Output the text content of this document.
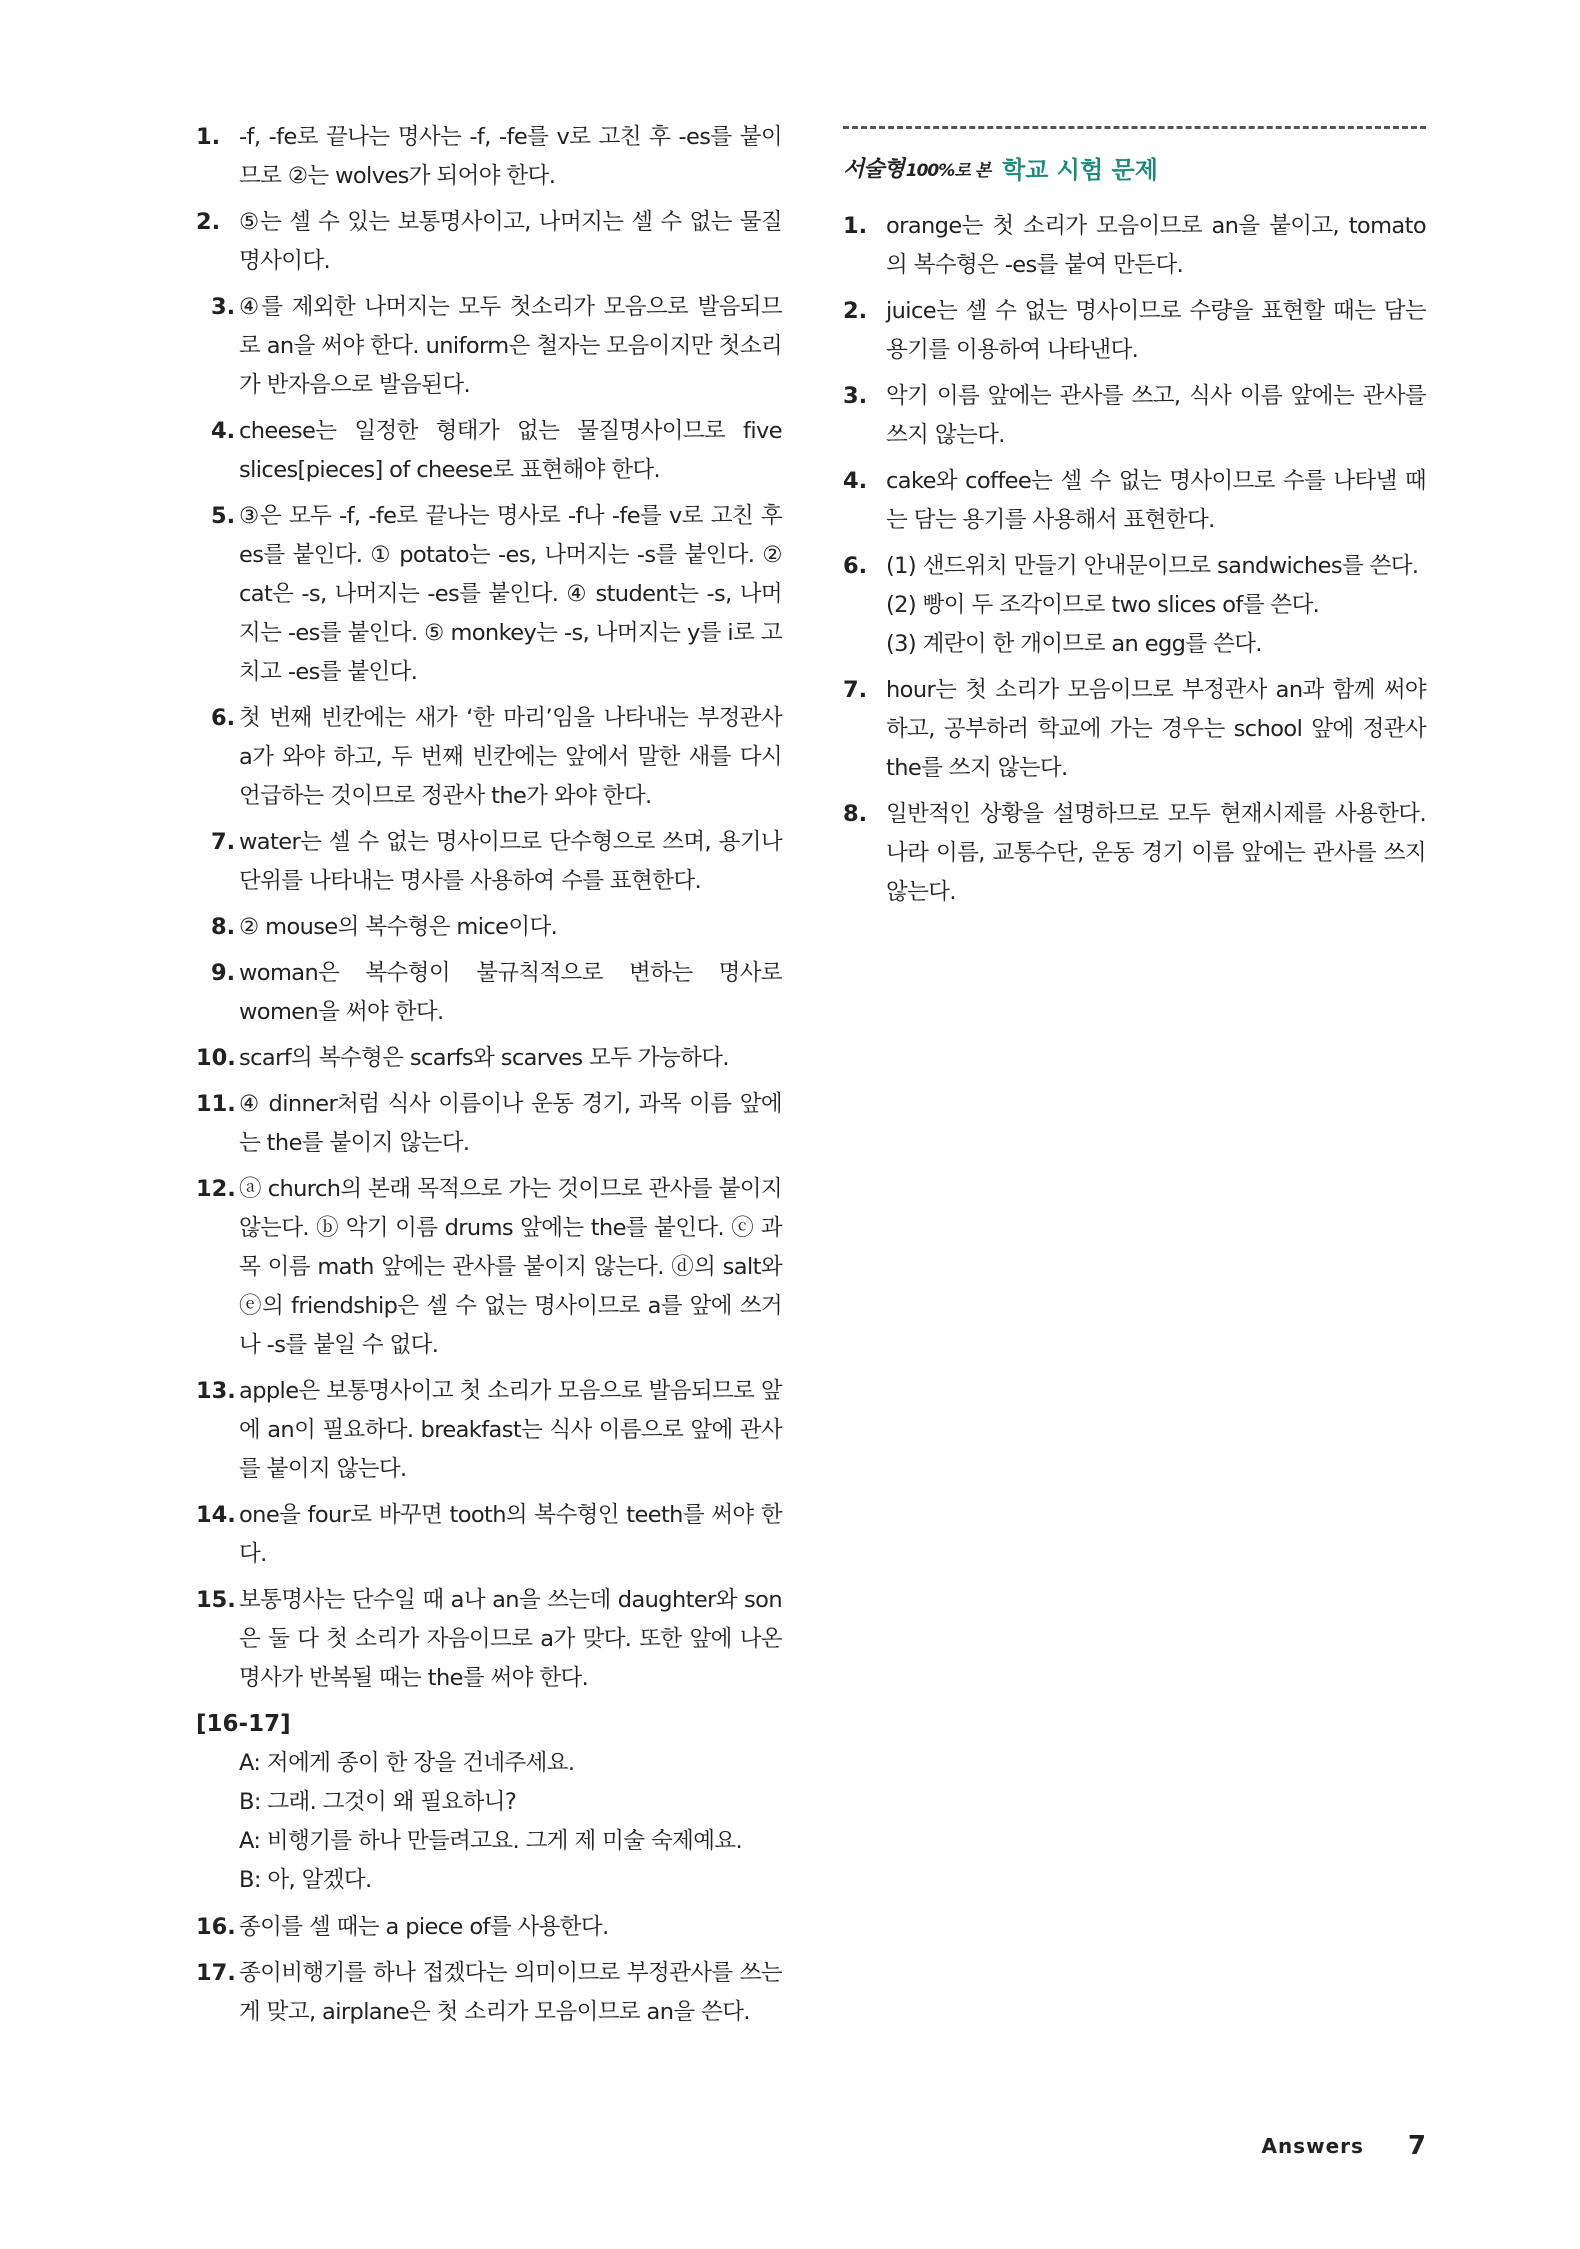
1. -f, -fe로 끝나는 명사는 -f, -fe를 v로 고친 후 -es를 붙이므로 ②는 wolves가 되어야 한다.
2. ⑤는 셀 수 있는 보통명사이고, 나머지는 셀 수 없는 물질명사이다.
3. ④를 제외한 나머지는 모두 첫소리가 모음으로 발음되므로 an을 써야 한다. uniform은 철자는 모음이지만 첫소리가 반자음으로 발음된다.
4. cheese는 일정한 형태가 없는 물질명사이므로 five slices[pieces] of cheese로 표현해야 한다.
5. ③은 모두 -f, -fe로 끝나는 명사로 -f나 -fe를 v로 고친 후 es를 붙인다. ① potato는 -es, 나머지는 -s를 붙인다. ② cat은 -s, 나머지는 -es를 붙인다. ④ student는 -s, 나머지는 -es를 붙인다. ⑤ monkey는 -s, 나머지는 y를 i로 고치고 -es를 붙인다.
6. 첫 번째 빈칸에는 새가 ‘한 마리’임을 나타내는 부정관사 a가 와야 하고, 두 번째 빈칸에는 앞에서 말한 새를 다시 언급하는 것이므로 정관사 the가 와야 한다.
7. water는 셀 수 없는 명사이므로 단수형으로 쓰며, 용기나 단위를 나타내는 명사를 사용하여 수를 표현한다.
8. ② mouse의 복수형은 mice이다.
9. woman은 복수형이 불규칙적으로 변하는 명사로 women을 써야 한다.
10. scarf의 복수형은 scarfs와 scarves 모두 가능하다.
11. ④ dinner처럼 식사 이름이나 운동 경기, 과목 이름 앞에는 the를 붙이지 않는다.
12. ⓐ church의 본래 목적으로 가는 것이므로 관사를 붙이지 않는다. ⓑ 악기 이름 drums 앞에는 the를 붙인다. ⓒ 과목 이름 math 앞에는 관사를 붙이지 않는다. ⓓ의 salt와 ⓔ의 friendship은 셀 수 없는 명사이므로 a를 앞에 쓰거나 -s를 붙일 수 없다.
13. apple은 보통명사이고 첫 소리가 모음으로 발음되므로 앞에 an이 필요하다. breakfast는 식사 이름으로 앞에 관사를 붙이지 않는다.
14. one을 four로 바꾸면 tooth의 복수형인 teeth를 써야 한다.
15. 보통명사는 단수일 때 a나 an을 쓰는데 daughter와 son은 둘 다 첫 소리가 자음이므로 a가 맞다. 또한 앞에 나온 명사가 반복될 때는 the를 써야 한다.
[16-17]
A: 저에게 종이 한 장을 건네주세요.
B: 그래. 그것이 왜 필요하니?
A: 비행기를 하나 만들려고요. 그게 제 미술 숙제예요.
B: 아, 알겠다.
16. 종이를 셀 때는 a piece of를 사용한다.
17. 종이비행기를 하나 접겠다는 의미이므로 부정관사를 쓰는 게 맞고, airplane은 첫 소리가 모음이므로 an을 쓴다.
서술형 100%로 본 학교 시험 문제
1. orange는 첫 소리가 모음이므로 an을 붙이고, tomato의 복수형은 -es를 붙여 만든다.
2. juice는 셀 수 없는 명사이므로 수량을 표현할 때는 담는 용기를 이용하여 나타낸다.
3. 악기 이름 앞에는 관사를 쓰고, 식사 이름 앞에는 관사를 쓰지 않는다.
4. cake와 coffee는 셀 수 없는 명사이므로 수를 나타낼 때는 담는 용기를 사용해서 표현한다.
6. (1) 샌드위치 만들기 안내문이므로 sandwiches를 쓴다.
(2) 빵이 두 조각이므로 two slices of를 쓴다.
(3) 계란이 한 개이므로 an egg를 쓴다.
7. hour는 첫 소리가 모음이므로 부정관사 an과 함께 써야 하고, 공부하러 학교에 가는 경우는 school 앞에 정관사 the를 쓰지 않는다.
8. 일반적인 상황을 설명하므로 모두 현재시제를 사용한다. 나라 이름, 교통수단, 운동 경기 이름 앞에는 관사를 쓰지 않는다.
Answers 7
